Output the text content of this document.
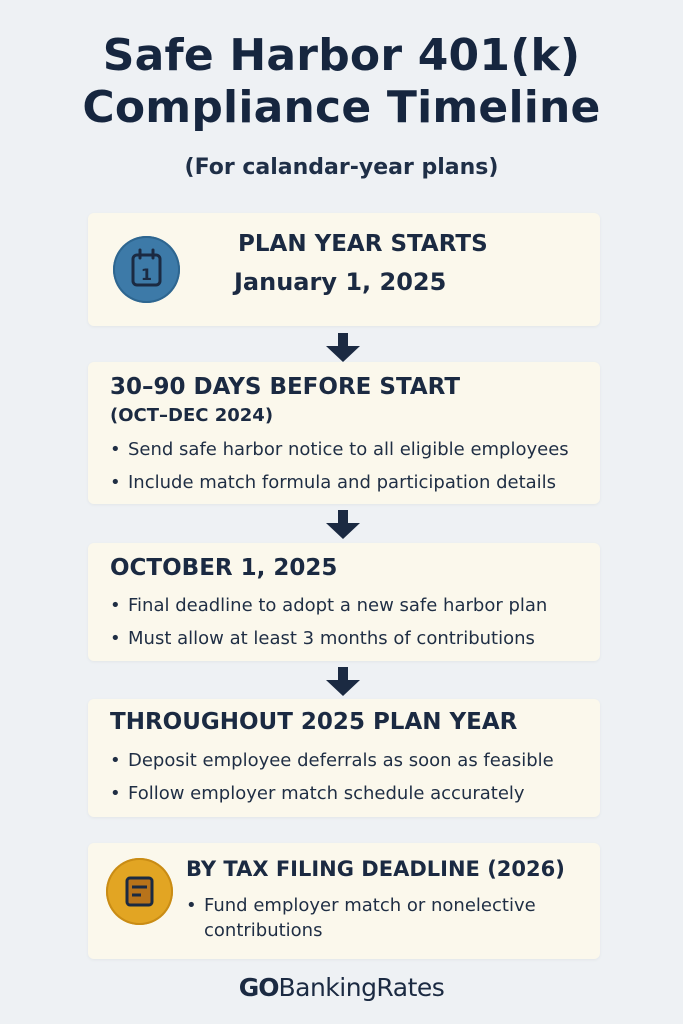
Safe Harbor 401(k)
Compliance Timeline
(For calandar-year plans)
1
PLAN YEAR STARTS
January 1, 2025
30–90 DAYS BEFORE START
(OCT–DEC 2024)
• Send safe harbor notice to all eligible employees
• Include match formula and participation details
OCTOBER 1, 2025
• Final deadline to adopt a new safe harbor plan
• Must allow at least 3 months of contributions
THROUGHOUT 2025 PLAN YEAR
• Deposit employee deferrals as soon as feasible
• Follow employer match schedule accurately
BY TAX FILING DEADLINE (2026)
• Fund employer match or nonelective
contributions
GOBankingRates
